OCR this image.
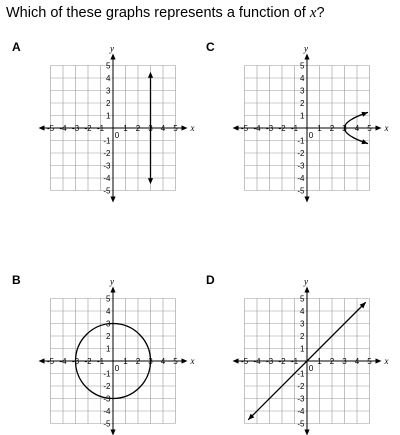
Which of these graphs represents a function of x?
A	C
B	D
x
y
-5
-5
-4
-4
-3
-3
-2
-2
-1
-1
1
1
2
2
3
3
4
4
5
5
0
x
y
-5
-5
-4
-4
-3
-3
-2
-2
-1
-1
1
1
2
2
3
3
4
4
5
5
0
x
y
-5
-5
-4
-4
-3
-3
-2
-2
-1
-1
1
1
2
2
3
3
4
4
5
5
0
x
y
-5
-5
-4
-4
-3
-3
-2
-2
-1
-1
1
1
2
2
3
3
4
4
5
5
0
